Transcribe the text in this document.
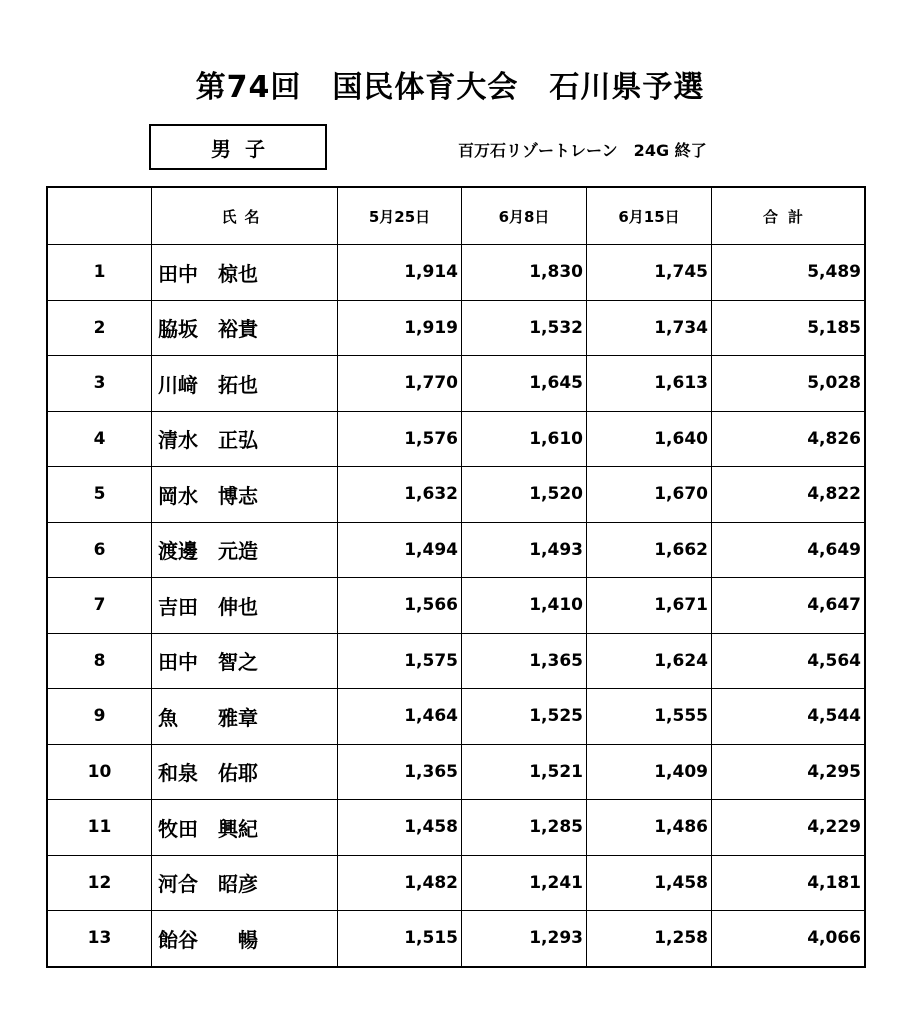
第74回　国民体育大会　石川県予選
男子	百万石リゾートレーン　24G 終了
	氏名	5月25日	6月8日	6月15日	合計
1	田中　椋也	1,914	1,830	1,745	5,489
2	脇坂　裕貴	1,919	1,532	1,734	5,185
3	川﨑　拓也	1,770	1,645	1,613	5,028
4	清水　正弘	1,576	1,610	1,640	4,826
5	岡水　博志	1,632	1,520	1,670	4,822
6	渡邊　元造	1,494	1,493	1,662	4,649
7	吉田　伸也	1,566	1,410	1,671	4,647
8	田中　智之	1,575	1,365	1,624	4,564
9	魚　　雅章	1,464	1,525	1,555	4,544
10	和泉　佑耶	1,365	1,521	1,409	4,295
11	牧田　興紀	1,458	1,285	1,486	4,229
12	河合　昭彦	1,482	1,241	1,458	4,181
13	飴谷　　暢	1,515	1,293	1,258	4,066
